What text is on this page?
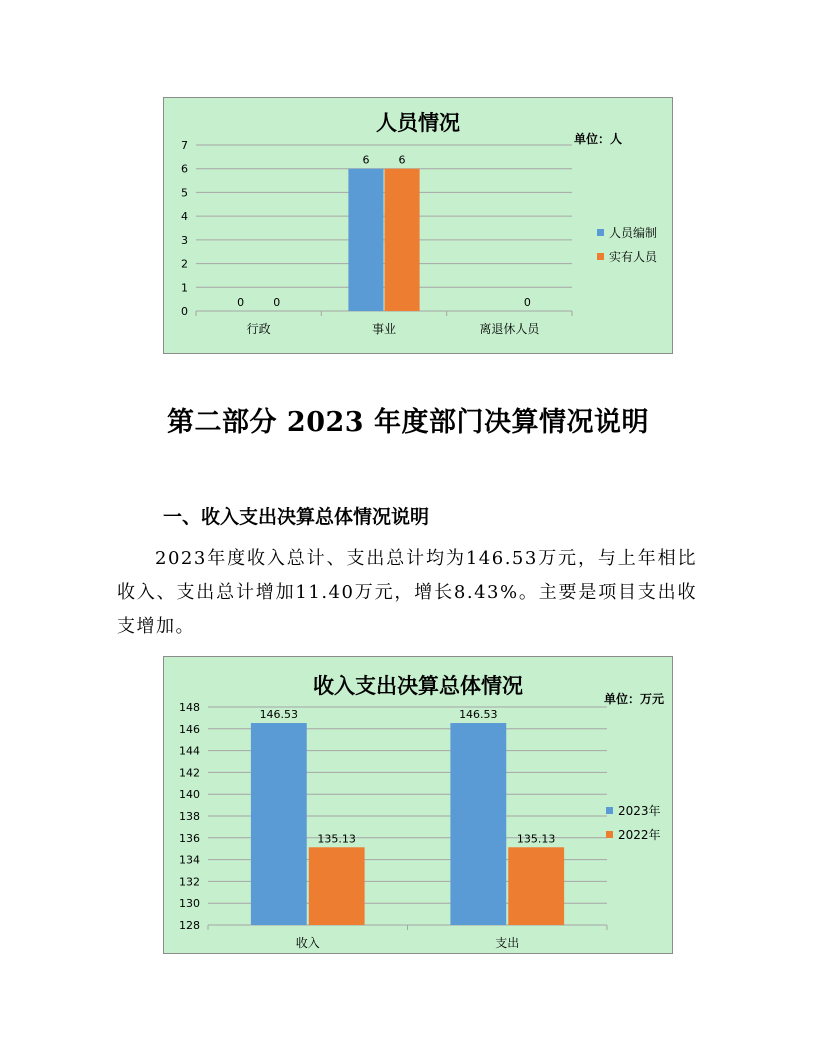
人员情况
单位：人
0
1
2
3
4
5
6
7
行政	事业	离退休人员
0
6
0
6
0
人员编制
实有人员
第二部分 2023 年度部门决算情况说明
一、收入支出决算总体情况说明
2023年度收入总计、支出总计均为146.53万元，与上年相比收入、支出总计增加11.40万元，增长8.43%。主要是项目支出收支增加。
收入支出决算总体情况
单位：万元
128
130
132
134
136
138
140
142
144
146
148
收入	支出
146.53	146.53
135.13	135.13
2023年
2022年
